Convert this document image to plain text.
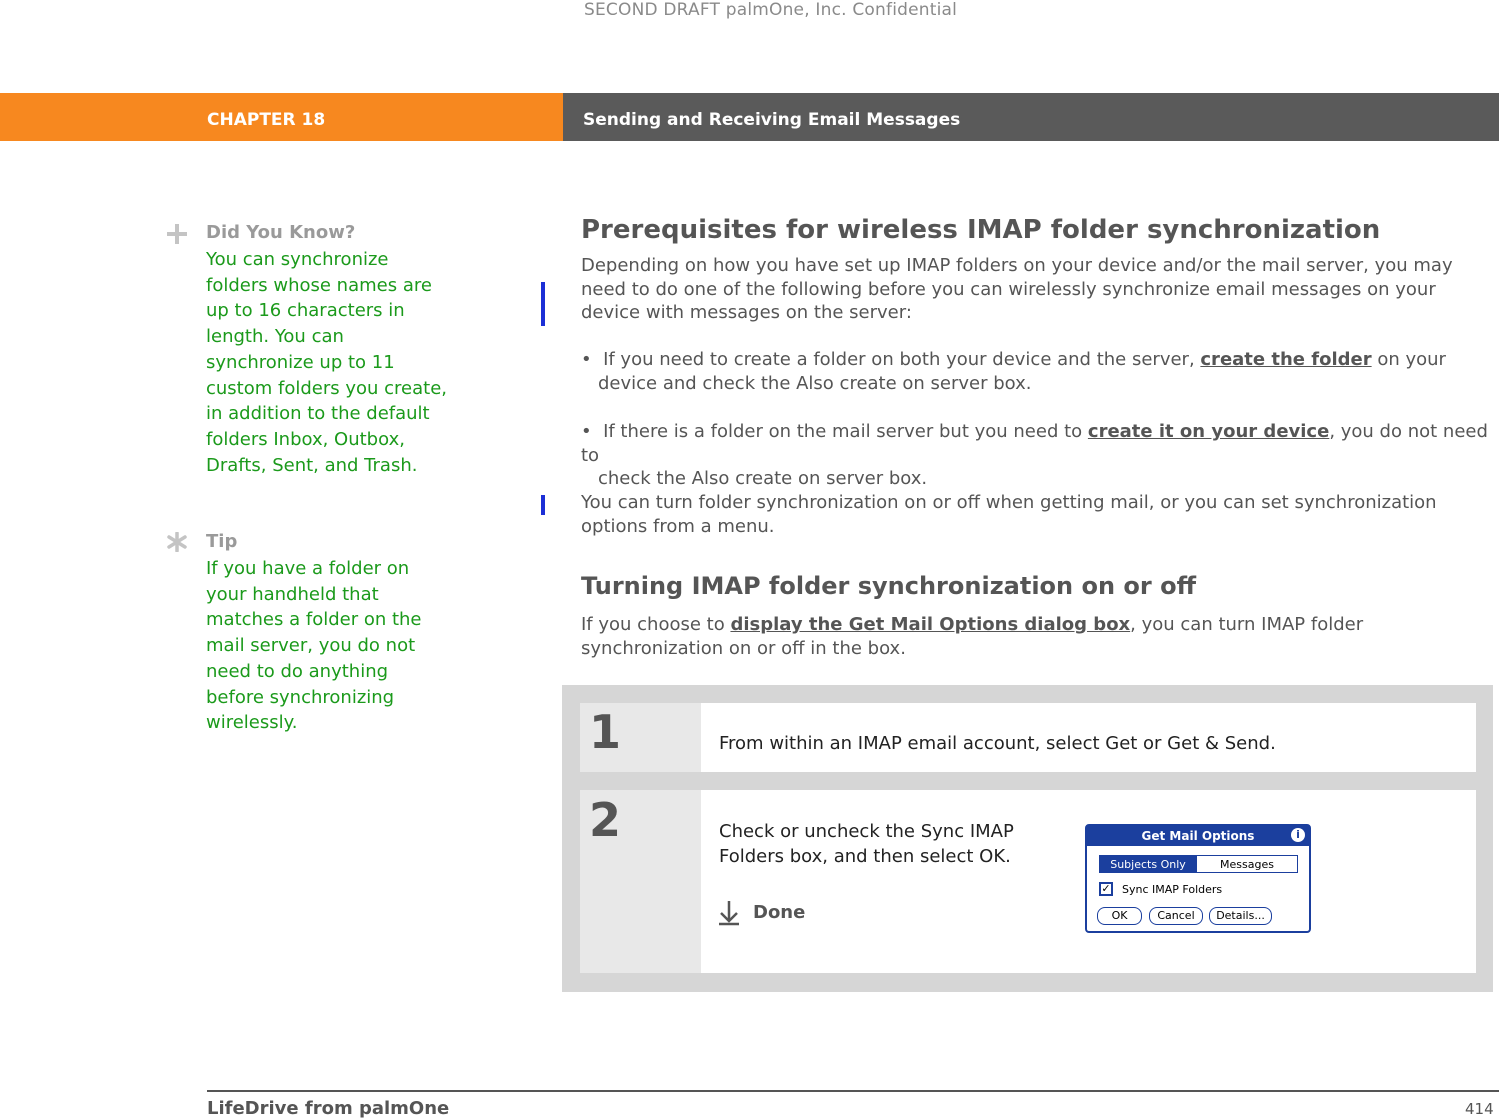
SECOND DRAFT palmOne, Inc. Confidential
CHAPTER 18	Sending and Receiving Email Messages
Did You Know?
You can synchronize folders whose names are up to 16 characters in length. You can synchronize up to 11 custom folders you create, in addition to the default folders Inbox, Outbox, Drafts, Sent, and Trash.
Tip
If you have a folder on your handheld that matches a folder on the mail server, you do not need to do anything before synchronizing wirelessly.
Prerequisites for wireless IMAP folder synchronization
Depending on how you have set up IMAP folders on your device and/or the mail server, you may need to do one of the following before you can wirelessly synchronize email messages on your device with messages on the server:
•  If you need to create a folder on both your device and the server, create the folder on your
device and check the Also create on server box.
•  If there is a folder on the mail server but you need to create it on your device, you do not need to
check the Also create on server box.
You can turn folder synchronization on or off when getting mail, or you can set synchronization options from a menu.
Turning IMAP folder synchronization on or off
If you choose to display the Get Mail Options dialog box, you can turn IMAP folder
synchronization on or off in the box.
1	From within an IMAP email account, select Get or Get & Send.
2	Check or uncheck the Sync IMAP
Folders box, and then select OK.
Done
Get Mail Options	i
Subjects Only	Messages
✓ Sync IMAP Folders
OK	Cancel	Details...
LifeDrive from palmOne	414
